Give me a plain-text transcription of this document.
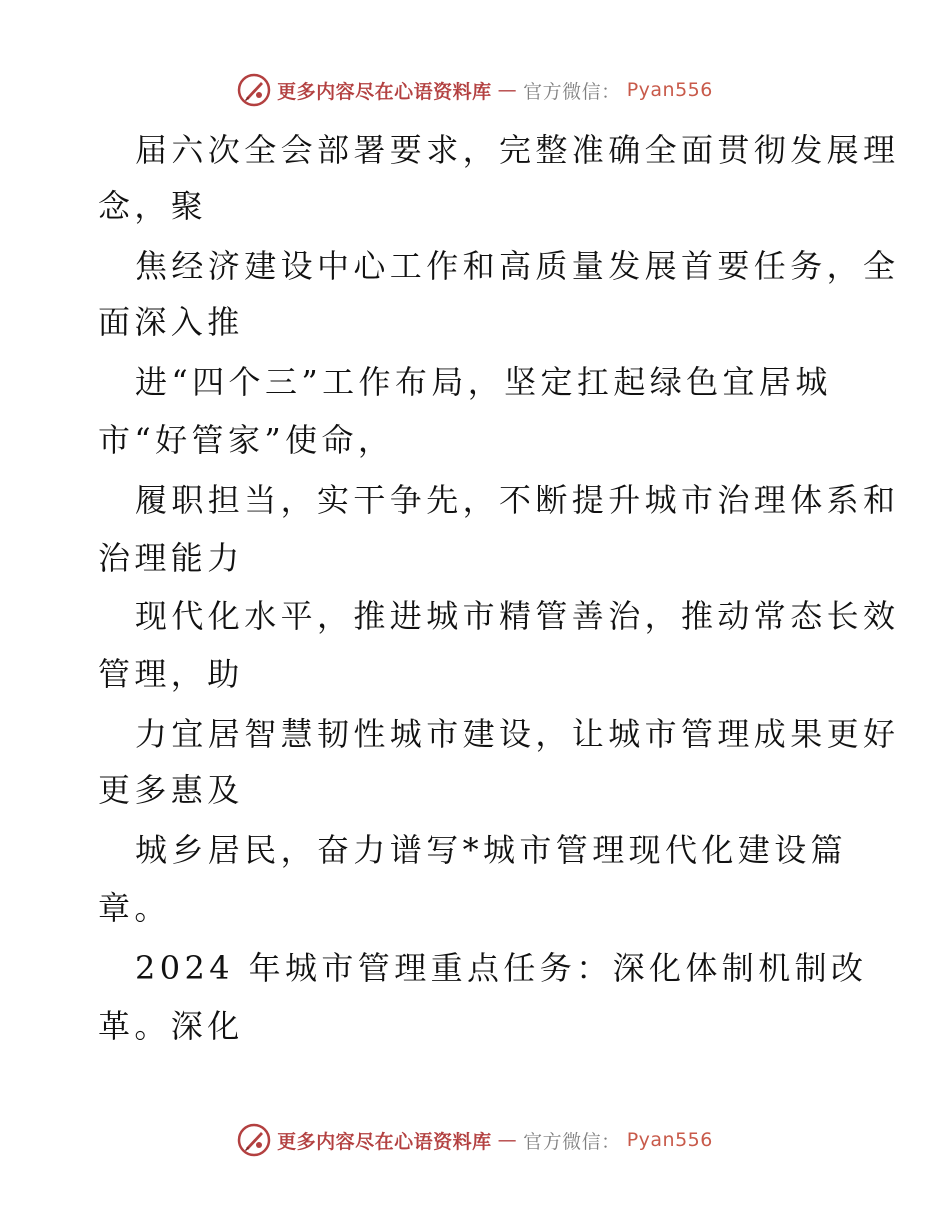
更多内容尽在心语资料库 — 官方微信： Pyan556
届六次全会部署要求，完整准确全面贯彻发展理
念，聚
焦经济建设中心工作和高质量发展首要任务，全
面深入推
进“四个三”工作布局，坚定扛起绿色宜居城
市“好管家”使命，
履职担当，实干争先，不断提升城市治理体系和
治理能力
现代化水平，推进城市精管善治，推动常态长效
管理，助
力宜居智慧韧性城市建设，让城市管理成果更好
更多惠及
城乡居民，奋力谱写*城市管理现代化建设篇
章。
2024 年城市管理重点任务：深化体制机制改
革。深化
更多内容尽在心语资料库 — 官方微信： Pyan556
